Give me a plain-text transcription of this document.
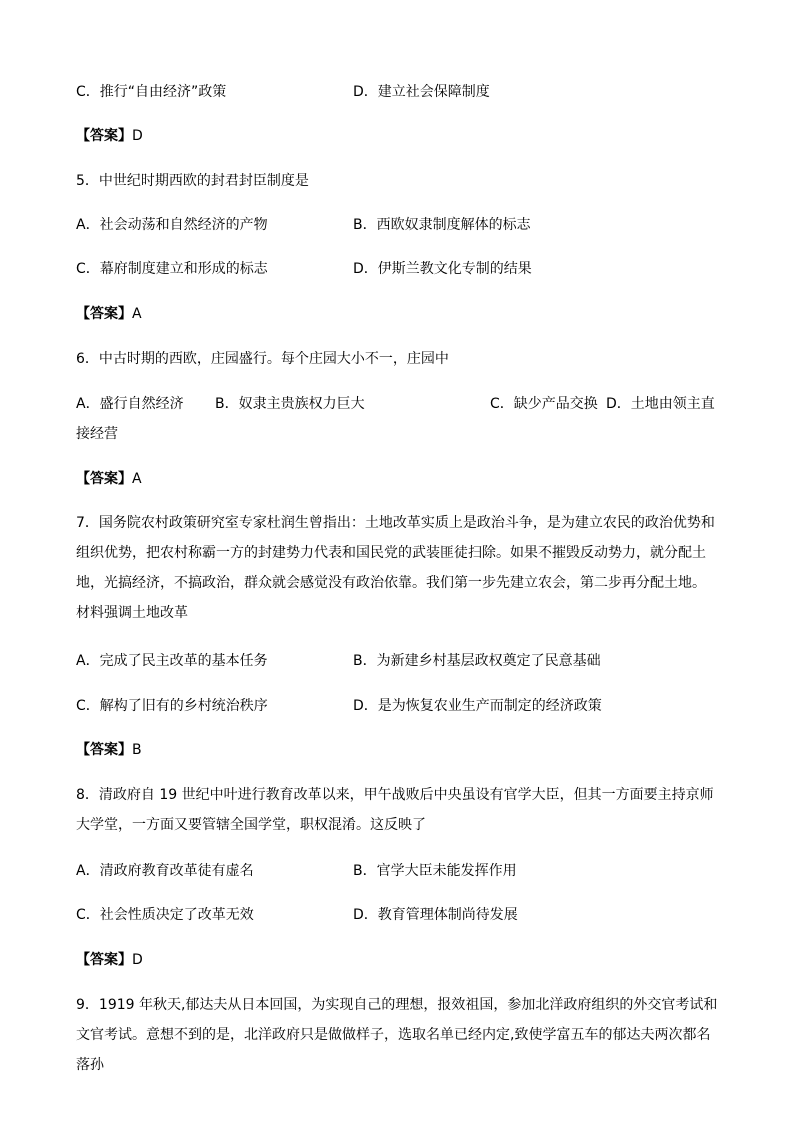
C．推行“自由经济”政策	D．建立社会保障制度
【答案】D
5．中世纪时期西欧的封君封臣制度是
A．社会动荡和自然经济的产物	B．西欧奴隶制度解体的标志
C．幕府制度建立和形成的标志	D．伊斯兰教文化专制的结果
【答案】A
6．中古时期的西欧，庄园盛行。每个庄园大小不一，庄园中
A．盛行自然经济 B．奴隶主贵族权力巨大	C．缺少产品交换 D．土地由领主直
接经营
【答案】A
7．国务院农村政策研究室专家杜润生曾指出：土地改革实质上是政治斗争，是为建立农民的政治优势和组织优势，把农村称霸一方的封建势力代表和国民党的武装匪徒扫除。如果不摧毁反动势力，就分配土地，光搞经济，不搞政治，群众就会感觉没有政治依靠。我们第一步先建立农会，第二步再分配土地。材料强调土地改革
A．完成了民主改革的基本任务	B．为新建乡村基层政权奠定了民意基础
C．解构了旧有的乡村统治秩序	D．是为恢复农业生产而制定的经济政策
【答案】B
8．清政府自 19 世纪中叶进行教育改革以来，甲午战败后中央虽设有官学大臣，但其一方面要主持京师大学堂，一方面又要管辖全国学堂，职权混淆。这反映了
A．清政府教育改革徒有虚名	B．官学大臣未能发挥作用
C．社会性质决定了改革无效	D．教育管理体制尚待发展
【答案】D
9．1919 年秋天,郁达夫从日本回国，为实现自己的理想，报效祖国，参加北洋政府组织的外交官考试和文官考试。意想不到的是，北洋政府只是做做样子，选取名单已经内定,致使学富五车的郁达夫两次都名落孙
